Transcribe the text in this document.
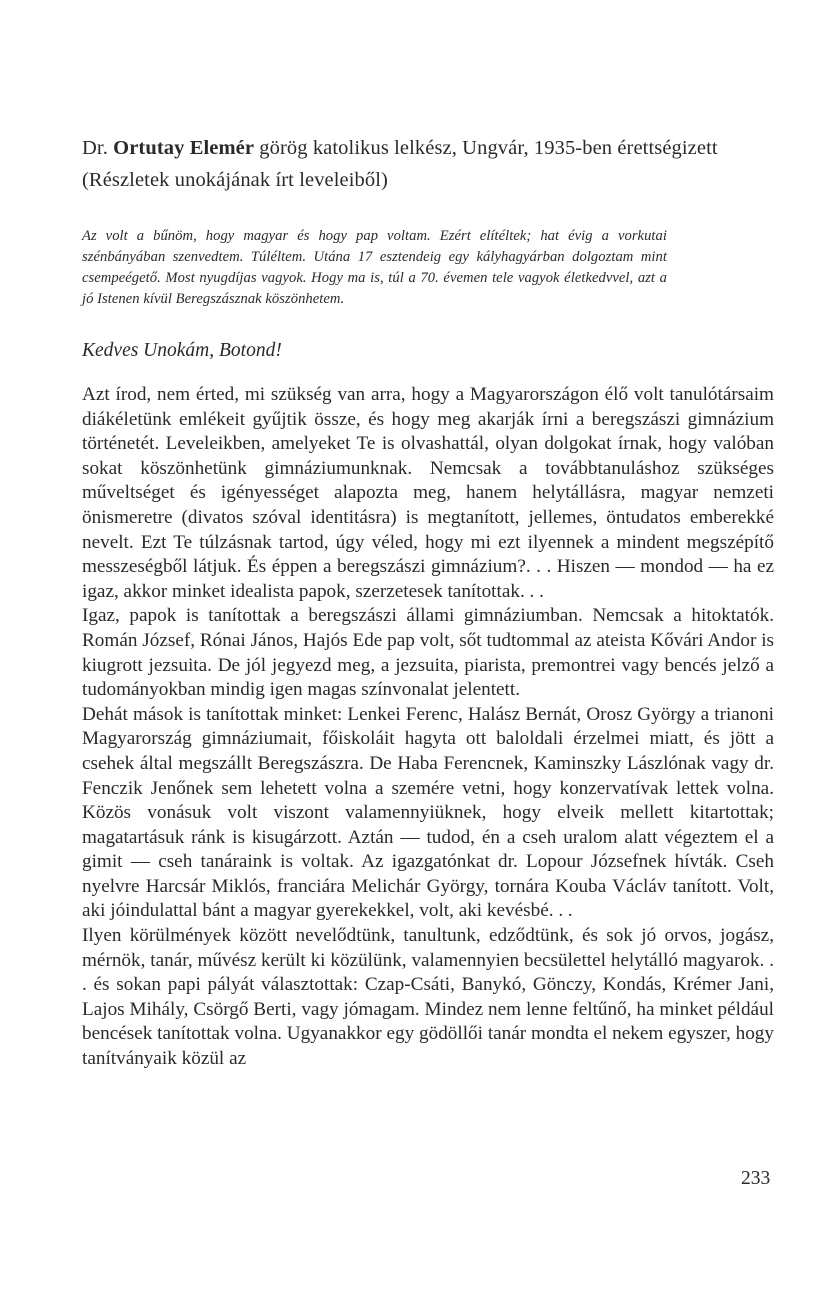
Dr. Ortutay Elemér görög katolikus lelkész, Ungvár, 1935-ben érettségizett
(Részletek unokájának írt leveleiből)
Az volt a bűnöm, hogy magyar és hogy pap voltam. Ezért elítéltek; hat évig a vorkutai szénbányában szenvedtem. Túléltem. Utána 17 esztendeig egy kályhagyárban dolgoztam mint csempeégető. Most nyugdíjas vagyok. Hogy ma is, túl a 70. évemen tele vagyok életkedvvel, azt a jó Istenen kívül Beregszásznak köszönhetem.
Kedves Unokám, Botond!

Azt írod, nem érted, mi szükség van arra, hogy a Magyarországon élő volt tanulótársaim diákéletünk emlékeit gyűjtik össze, és hogy meg akarják írni a beregszászi gimnázium történetét. Leveleikben, amelyeket Te is olvashattál, olyan dolgokat írnak, hogy valóban sokat köszönhetünk gimnáziumunknak. Nemcsak a továbbtanuláshoz szükséges műveltséget és igényességet alapozta meg, hanem helytállásra, magyar nemzeti önismeretre (divatos szóval identitásra) is megtanított, jellemes, öntudatos emberekké nevelt. Ezt Te túlzásnak tartod, úgy véled, hogy mi ezt ilyennek a mindent megszépítő messzeségből látjuk. És éppen a beregszászi gimnázium?. . . Hiszen — mondod — ha ez igaz, akkor minket idealista papok, szerzetesek tanítottak. . .

Igaz, papok is tanítottak a beregszászi állami gimnáziumban. Nemcsak a hitoktatók. Román József, Rónai János, Hajós Ede pap volt, sőt tudtommal az ateista Kővári Andor is kiugrott jezsuita. De jól jegyezd meg, a jezsuita, piarista, premontrei vagy bencés jelző a tudományokban mindig igen magas színvonalat jelentett.

Dehát mások is tanítottak minket: Lenkei Ferenc, Halász Bernát, Orosz György a trianoni Magyarország gimnáziumait, főiskoláit hagyta ott baloldali érzelmei miatt, és jött a csehek által megszállt Beregszászra. De Haba Ferencnek, Kaminszky Lászlónak vagy dr. Fenczik Jenőnek sem lehetett volna a szemére vetni, hogy konzervatívak lettek volna. Közös vonásuk volt viszont valamennyiüknek, hogy elveik mellett kitartottak; magatartásuk ránk is kisugárzott. Aztán — tudod, én a cseh uralom alatt végeztem el a gimit — cseh tanáraink is voltak. Az igazgatónkat dr. Lopour Józsefnek hívták. Cseh nyelvre Harcsár Miklós, franciára Melichár György, tornára Kouba Václáv tanított. Volt, aki jóindulattal bánt a magyar gyerekekkel, volt, aki kevésbé. . .

Ilyen körülmények között nevelődtünk, tanultunk, edződtünk, és sok jó orvos, jogász, mérnök, tanár, művész került ki közülünk, valamennyien becsülettel helytálló magyarok. . . és sokan papi pályát választottak: Czap-Csáti, Banykó, Gönczy, Kondás, Krémer Jani, Lajos Mihály, Csörgő Berti, vagy jómagam. Mindez nem lenne feltűnő, ha minket például bencések tanítottak volna. Ugyanakkor egy gödöllői tanár mondta el nekem egyszer, hogy tanítványaik közül az

233
